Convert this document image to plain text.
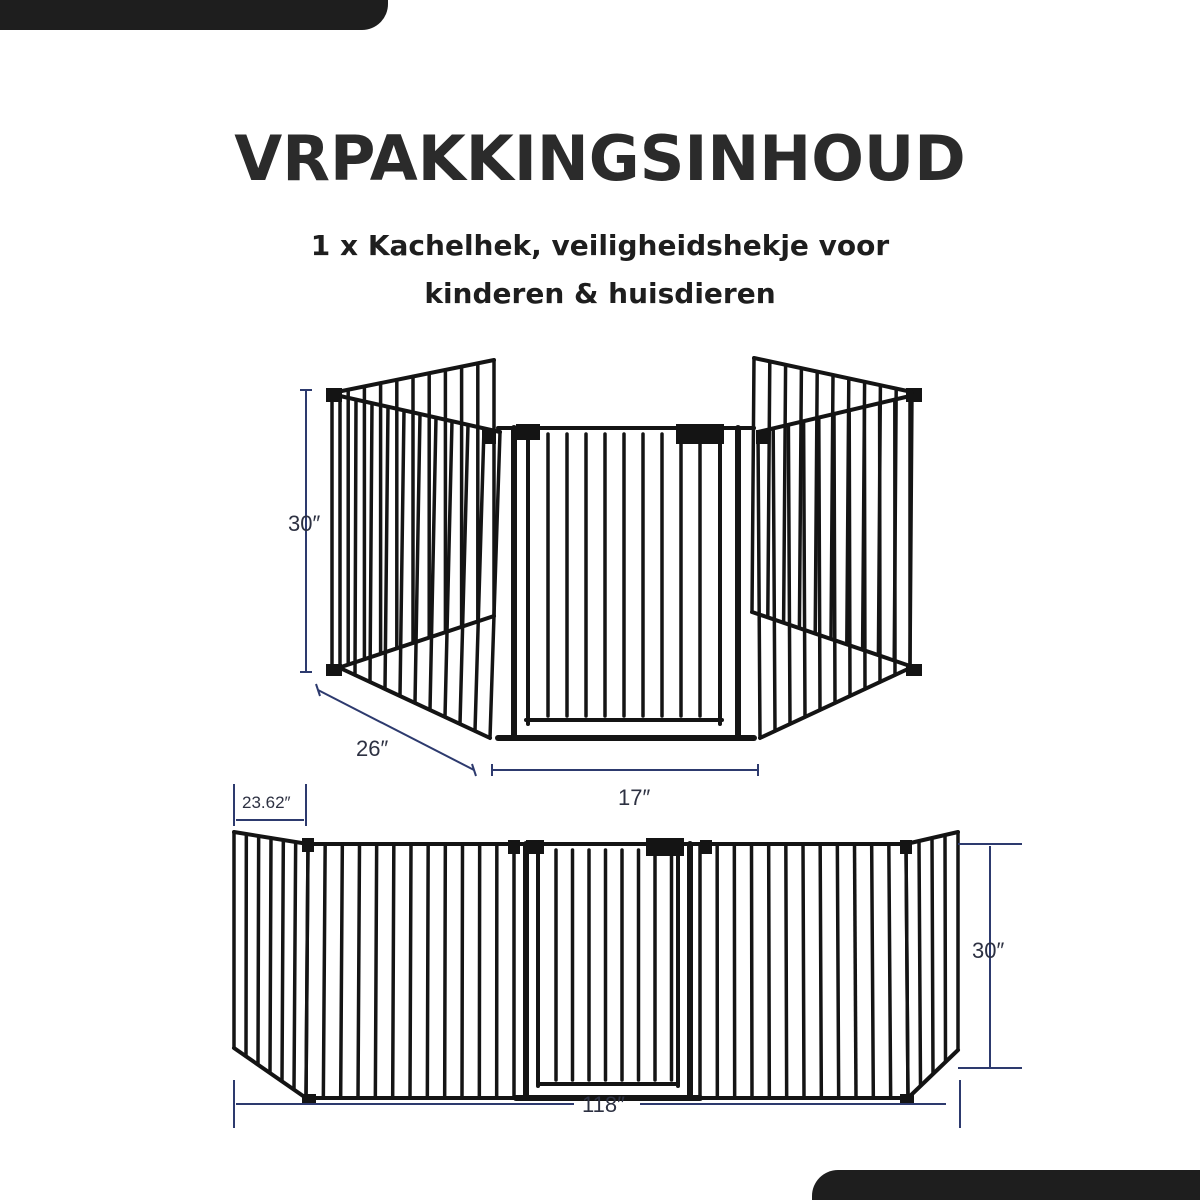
VRPAKKINGSINHOUD
1 x Kachelhek, veiligheidshekje voor
kinderen & huisdieren
30″
26″
17″
23.62″
30″
118″
